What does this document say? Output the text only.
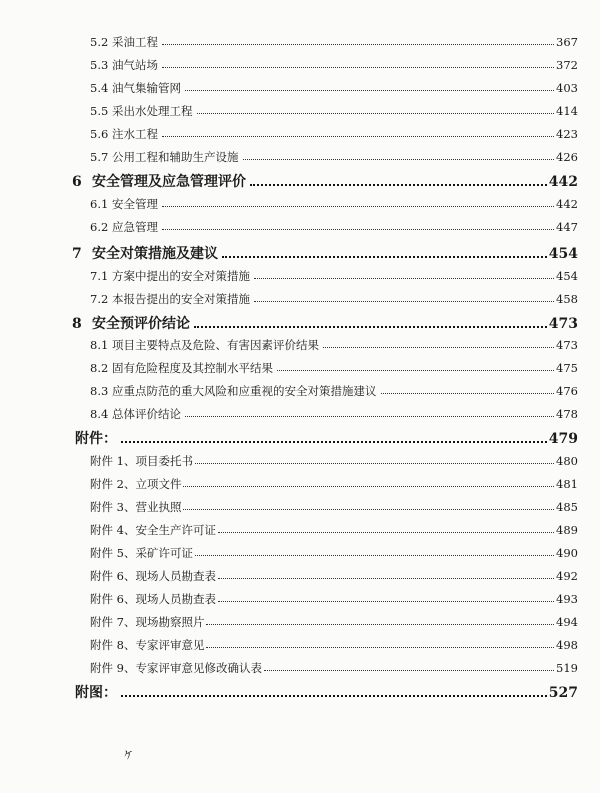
5.2 采油工程	367
5.3 油气站场	372
5.4 油气集输管网	403
5.5 采出水处理工程	414
5.6 注水工程	423
5.7 公用工程和辅助生产设施	426
6 安全管理及应急管理评价	442
6.1 安全管理	442
6.2 应急管理	447
7 安全对策措施及建议	454
7.1 方案中提出的安全对策措施	454
7.2 本报告提出的安全对策措施	458
8 安全预评价结论	473
8.1 项目主要特点及危险、有害因素评价结果	473
8.2 固有危险程度及其控制水平结果	475
8.3 应重点防范的重大风险和应重视的安全对策措施建议	476
8.4 总体评价结论	478
附件：	479
附件 1、项目委托书	480
附件 2、立项文件	481
附件 3、营业执照	485
附件 4、安全生产许可证	489
附件 5、采矿许可证	490
附件 6、现场人员勘查表	492
附件 6、现场人员勘查表	493
附件 7、现场勘察照片	494
附件 8、专家评审意见	498
附件 9、专家评审意见修改确认表	519
附图：	527
ヶ
